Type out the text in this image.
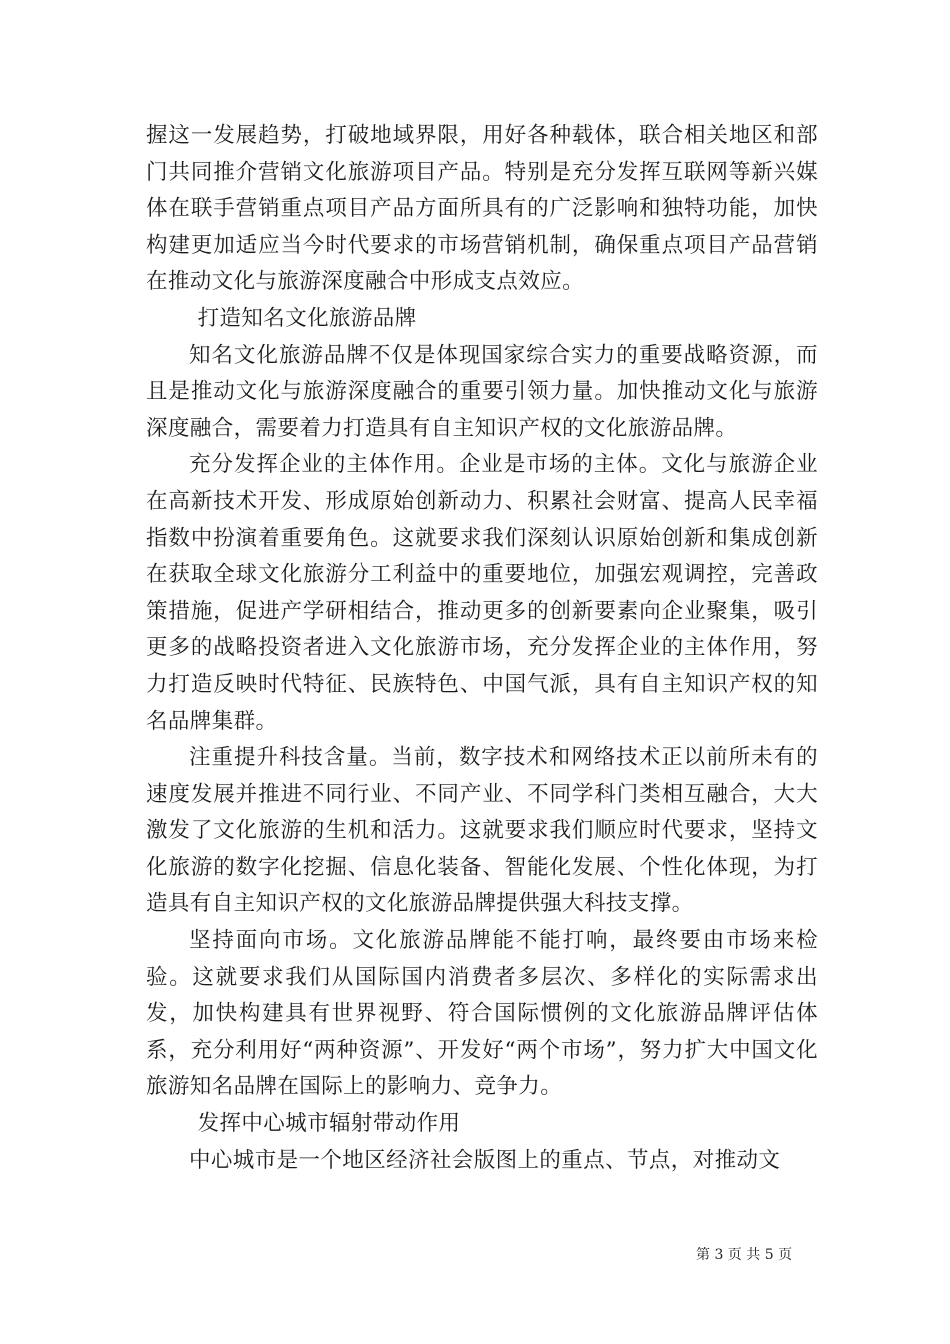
握这一发展趋势，打破地域界限，用好各种载体，联合相关地区和部门共同推介营销文化旅游项目产品。特别是充分发挥互联网等新兴媒体在联手营销重点项目产品方面所具有的广泛影响和独特功能，加快构建更加适应当今时代要求的市场营销机制，确保重点项目产品营销在推动文化与旅游深度融合中形成支点效应。

打造知名文化旅游品牌

知名文化旅游品牌不仅是体现国家综合实力的重要战略资源，而且是推动文化与旅游深度融合的重要引领力量。加快推动文化与旅游深度融合，需要着力打造具有自主知识产权的文化旅游品牌。

充分发挥企业的主体作用。企业是市场的主体。文化与旅游企业在高新技术开发、形成原始创新动力、积累社会财富、提高人民幸福指数中扮演着重要角色。这就要求我们深刻认识原始创新和集成创新在获取全球文化旅游分工利益中的重要地位，加强宏观调控，完善政策措施，促进产学研相结合，推动更多的创新要素向企业聚集，吸引更多的战略投资者进入文化旅游市场，充分发挥企业的主体作用，努力打造反映时代特征、民族特色、中国气派，具有自主知识产权的知名品牌集群。

注重提升科技含量。当前，数字技术和网络技术正以前所未有的速度发展并推进不同行业、不同产业、不同学科门类相互融合，大大激发了文化旅游的生机和活力。这就要求我们顺应时代要求，坚持文化旅游的数字化挖掘、信息化装备、智能化发展、个性化体现，为打造具有自主知识产权的文化旅游品牌提供强大科技支撑。

坚持面向市场。文化旅游品牌能不能打响，最终要由市场来检验。这就要求我们从国际国内消费者多层次、多样化的实际需求出发，加快构建具有世界视野、符合国际惯例的文化旅游品牌评估体系，充分利用好“两种资源”、开发好“两个市场”，努力扩大中国文化旅游知名品牌在国际上的影响力、竞争力。

发挥中心城市辐射带动作用

中心城市是一个地区经济社会版图上的重点、节点，对推动文

第 3 页 共 5 页
